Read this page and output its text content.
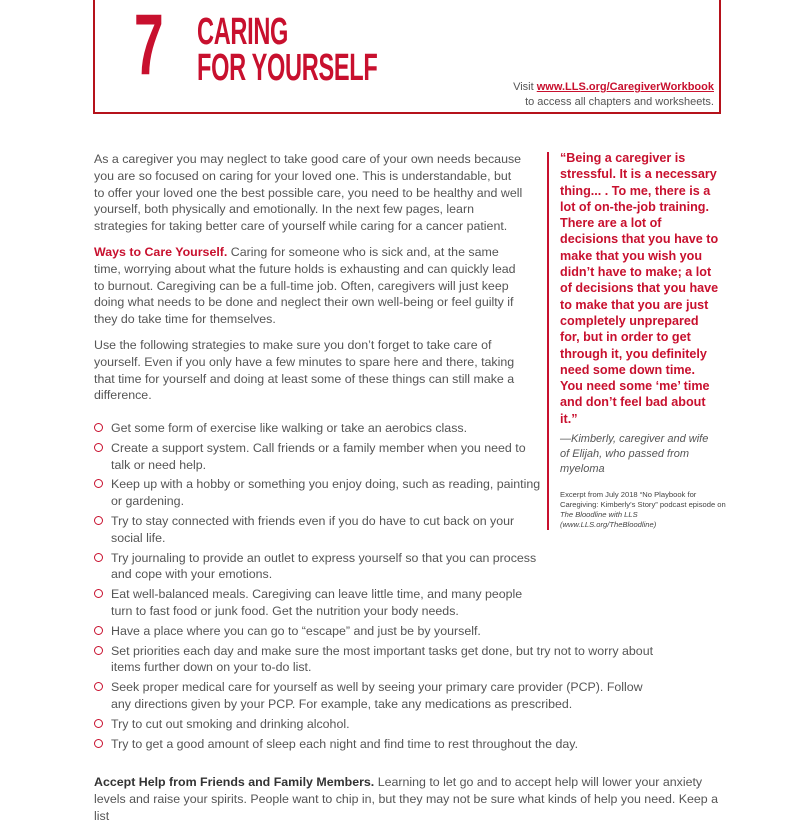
7 CARING
FOR YOURSELF	Visit www.LLS.org/CaregiverWorkbook
to access all chapters and worksheets.

As a caregiver you may neglect to take good care of your own needs because you are so focused on caring for your loved one. This is understandable, but to offer your loved one the best possible care, you need to be healthy and well yourself, both physically and emotionally. In the next few pages, learn strategies for taking better care of yourself while caring for a cancer patient.

Ways to Care Yourself. Caring for someone who is sick and, at the same time, worrying about what the future holds is exhausting and can quickly lead to burnout. Caregiving can be a full-time job. Often, caregivers will just keep doing what needs to be done and neglect their own well-being or feel guilty if they do take time for themselves.

Use the following strategies to make sure you don’t forget to take care of yourself. Even if you only have a few minutes to spare here and there, taking that time for yourself and doing at least some of these things can still make a difference.

Get some form of exercise like walking or take an aerobics class.
Create a support system. Call friends or a family member when you need to talk or need help.
Keep up with a hobby or something you enjoy doing, such as reading, painting or gardening.
Try to stay connected with friends even if you do have to cut back on your social life.
Try journaling to provide an outlet to express yourself so that you can process and cope with your emotions.
Eat well-balanced meals. Caregiving can leave little time, and many people turn to fast food or junk food. Get the nutrition your body needs.
Have a place where you can go to “escape” and just be by yourself.
Set priorities each day and make sure the most important tasks get done, but try not to worry about items further down on your to-do list.
Seek proper medical care for yourself as well by seeing your primary care provider (PCP). Follow any directions given by your PCP. For example, take any medications as prescribed.
Try to cut out smoking and drinking alcohol.
Try to get a good amount of sleep each night and find time to rest throughout the day.
Accept Help from Friends and Family Members. Learning to let go and to accept help will lower your anxiety levels and raise your spirits. People want to chip in, but they may not be sure what kinds of help you need. Keep a list
“Being a caregiver is stressful. It is a necessary thing... . To me, there is a lot of on-the-job training. There are a lot of decisions that you have to make that you wish you didn’t have to make; a lot of decisions that you have to make that you are just completely unprepared for, but in order to get through it, you definitely need some down time. You need some ‘me’ time and don’t feel bad about it.”
—Kimberly, caregiver and wife of Elijah, who passed from myeloma
Excerpt from July 2018 “No Playbook for Caregiving: Kimberly’s Story” podcast episode on The Bloodline with LLS
(www.LLS.org/TheBloodline)
